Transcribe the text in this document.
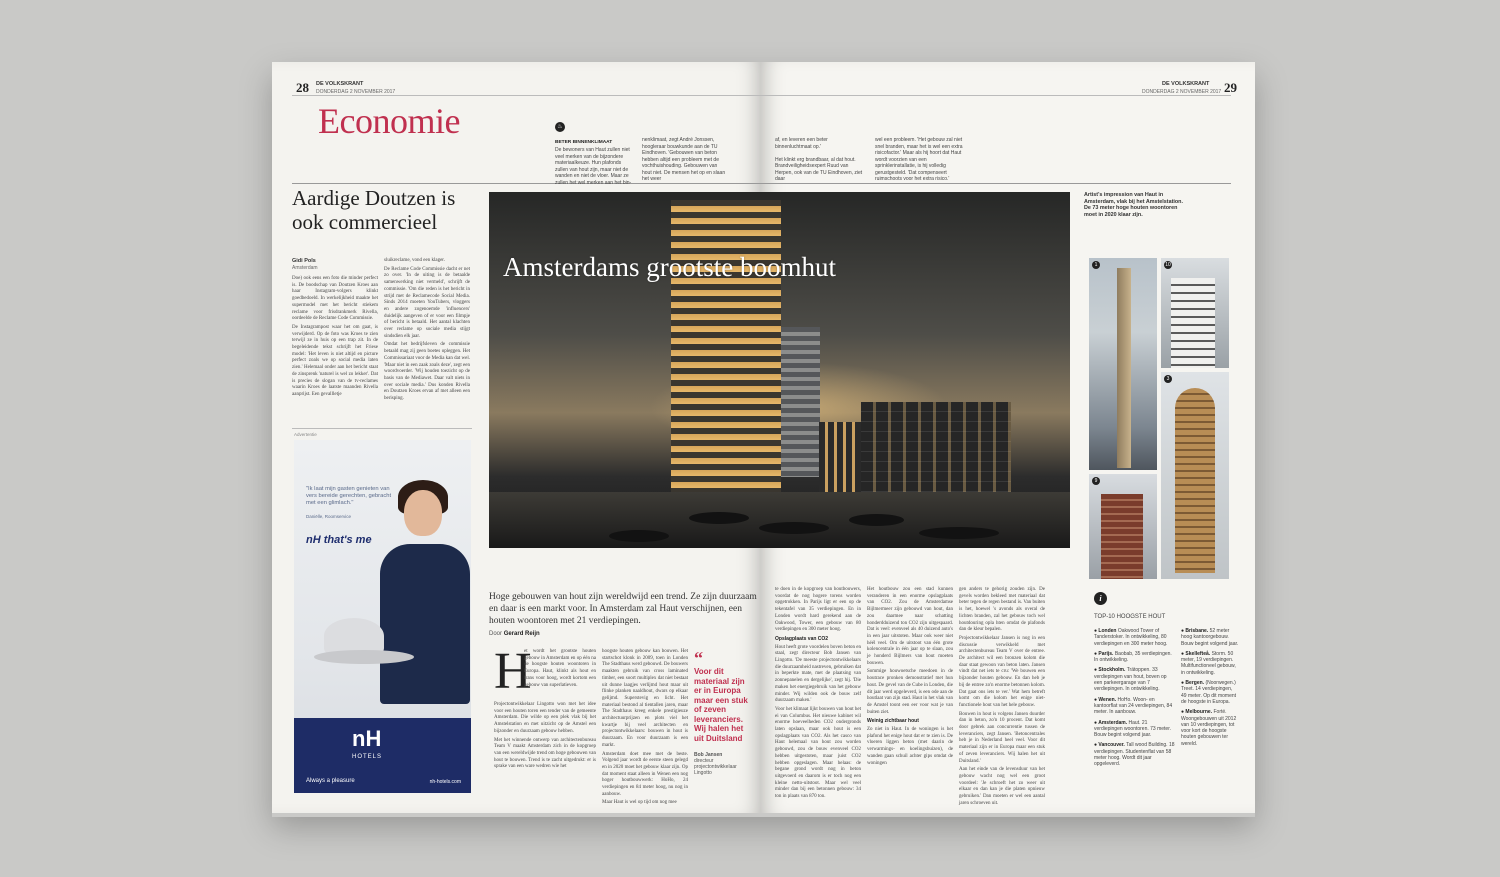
28 DE VOLKSKRANT
DONDERDAG 2 NOVEMBER 2017
Economie
Aardige Doutzen is ook commercieel
Gidi Pols
Amsterdam

Doe) ook eens een foto die minder perfect is. De boodschap van Doutzen Kroes aan haar Instagram-volgers klinkt goedbedoeld. In werkelijkheid maakte het supermodel met het bericht stiekem reclame voor frisdrankmerk Rivella, oordeelde de Reclame Code Commissie.

De Instagrampost waar het om gaat, is verwijderd. Op de foto was Kroes te zien terwijl ze in huis op een trap zit. In de begeleidende tekst schrijft het Friese model: 'Het leven is niet altijd en picture perfect zoals we op social media laten zien.' Helemaal onder aan het bericht staat de zinsprenk 'naturel is wel zo lekker'. Dat is precies de slogan van de tv-reclames waarin Kroes de laatste maanden Rivella aanprijst. Een gevallletje

sluikreclame, vond een klager.

De Reclame Code Commissie dacht er net zo over. 'In de uiting is de betaalde samenwerking niet vermeld', schrijft de commissie. 'Om die reden is het bericht in strijd met de Reclamecode Social Media. Sinds 2014 moeten YouTubers, vloggers en andere zogenoemde 'influencers' duidelijk aangeven of er voor een filmpje of bericht is betaald. Het aantal klachten over reclame op sociale media stijgt sindsdien elk jaar.

Omdat het bedrijfsleven de commissie betaald mag zij geen boetes opleggen. Het Commissariaat voor de Media kan dat wel. 'Maar niet in een zaak zoals deze', zegt een woordvoerder. 'Wij houden toezicht op de basis van de Mediawet. Daar valt niets in over sociale media.' Dus konden Rivella en Doutzen Kroes ervan af met alleen een berisping.

Advertentie
"Ik laat mijn gasten genieten van vers bereide gerechten, gebracht met een glimlach."
Daniëlle, Roomservice
nH that's me
nH
HOTELS
Always a pleasure	nh-hotels.com
Hoge gebouwen van hout zijn wereldwijd een trend. Ze zijn duurzaam en daar is een markt voor. In Amsterdam zal Haut verschijnen, een houten woontoren met 21 verdiepingen.
Door Gerard Reijn
H

et wordt het grootste houten gebouw in Amsterdam en op één na de hoogste houten woontoren in Europa. Haut, klinkt als hout en frans voor hoog, wordt kortom een gebouw van superlatieven.

Projectontwikkelaar Lingotto won met het idee voor een houten toren een tender van de gemeente Amsterdam. Die wilde op een plek vlak bij het Amstelstation en met uitzicht op de Amstel een bijzonder en duurzaam gebouw hebben.

Met het winnende ontwerp van architectenbureau Team V maakt Amsterdam zich in de kopgroep van een wereldwijde trend om hoge gebouwen van hout te bouwen. Trend is te zacht uitgedrukt: er is sprake van een ware wedren wie het

hoogste houten gebouw kan bouwen. Het startschot klonk in 2009, toen in Londen The Stadthaus werd gebouwd. De bouwers maakten gebruik van cross laminated timber, een soort multiplex dat niet bestaat uit dunne laagjes verlijmd hout maar uit flinke planken naaldhout, dwars op elkaar gelijmd. Superstevig en licht. Het materiaal bestond al tientallen jaren, maar The Stadthaus kreeg enkele prestigieuze architectuurprijzen en plots viel het kwartje bij veel architecten en projectontwikkelaars: bouwen in hout is duurzaam. En voor duurzaam is een markt.

Amsterdam doet mee met de beste. Volgend jaar wordt de eerste steen gelegd en in 2020 moet het gebouw klaar zijn. Op dat moment staat alleen in Wenen een nog hoger houtbouwwerk: HoHo, 24 verdiepingen en 84 meter hoog, nu nog in aanbouw.

Maar Haut is wel op tijd om nog mee

“
Voor dit materiaal zijn er in Europa maar een stuk of zeven leveranciers. Wij halen het uit Duitsland
Bob Jansen
directeur projectontwikkelaar Lingotto
♨
BETER BINNENKLIMAAT
De bewoners van Haut zullen niet veel merken van de bijzondere materiaalkeuze. Hun plafonds zullen van hout zijn, maar niet de wanden en niet de vloer. Maar ze zullen het wel merken aan het bin-
nenklimaat, zegt André Jonssen, hoogleraar bouwkunde aan de TU Eindhoven. 'Gebouwen van beton hebben altijd een probleem met de vochthuishouding. Gebouwen van hout niet. De mensen het op en slaan het weer
DE VOLKSKRANT
DONDERDAG 2 NOVEMBER 2017 29
af, en leveren een beter binnenluchtmaat op.'

Het klinkt erg brandbaar, al dat hout. Brandveiligheidsexpert Ruud van Herpen, ook van de TU Eindhoven, ziet daar
wel een probleem. 'Het gebouw zal niet snel branden, maar het is wel een extra risicofactor.' Maar als hij hoort dat Haut wordt voorzien van een sprinklerinstallatie, is hij volledig gerustgesteld. 'Dat compenseert ruimschoots voor het extra risico.'
Artist's impression van Haut in Amsterdam, vlak bij het Amstelstation. De 73 meter hoge houten woontoren moet in 2020 klaar zijn.
1	10
3
9

te doen in de kopgroep van houtbouwers, voordat de nog hogere torens worden opgetrokken. In Parijs ligt er een op de tekentafel van 35 verdiepingen. En in Londen wordt hard gerekend aan de Oakwood, Tower, een gebouw van 80 verdiepingen en 300 meter hoog.

Opslagplaats van CO2

Hout heeft grote voordelen boven beton en staal, zegt directeur Bob Jansen van Lingotto. 'De meeste projectontwikkelaars die duurzaamheid nastreven, gebruiken dat in beperkte mate, met de plaatsing van zonnepanelen en dergelijke', zegt hij. 'Die maken het energiegebruik van het gebouw minder. Wij wilden ook de bouw zelf duurzaam maken.'

Voor het klimaat lijkt bouwen van hout het ei van Columbus. Het nieuwe kabinet wil enorme hoeveelheden CO2 ondergronds laten opslaan, maar ook hout is een opslagplaats van CO2. Als het casco van Haut helemaal van hout zou worden gebouwd, zou de bouw evenveel CO2 hebben uitgestoten, maar juist CO2 hebben opgeslagen. Maar helaas: de begane grond wordt nog in beton uitgevoerd en daarom is er toch nog een kleine netto-uitstoot. Maar wel veel minder dan bij een betonnen gebouw: 34 ton in plaats van 870 ton.

Het houtbouw zou een stad kunnen veranderen in een enorme opslagplaats van CO2. Zou de Amsterdamse Bijlmermeer zijn gebouwd van hout, dan zou daarmee naar schatting honderdduizend ton CO2 zijn uitgespaard. Dat is veel: evenveel als 40 duizend auto's in een jaar uitstoten. Maar ook weer niet héél veel. Om de uitstoot van één grote kolencentrale in één jaar op te slaan, zou je honderd Bijlmers van hout moeten bouwen.

Sommige houwoetsche meedoen in de houtrace pronken demonstratief met hun hout. De gevel van de Cube in Londen, die dit jaar werd opgeleverd, is een ode aan de houtlaat van zijn stad. Haut in het vlak van de Amstel toont een eer voor wat je van buiten ziet.

Weinig zichtbaar hout

Zo niet in Haut. In de woningen is het plafond het enige hout dat er te zien is. De vloeren liggen beton (met daarin de verwarmings- en koelingsbuizen), de wanden gaan schuil achter gips omdat de woningen

gen anders te gehorig zouden zijn. De gevels worden bekleed met materiaal dat beter tegen de regen bestand is. Van buiten is het, hoewel 's avonds als overal de lichten branden, zal het gebouw toch wel houtdouring opla hten omdat de plafonds dan de kleur bepalen.

Projectontwikkelaar Jansen is nog in een discussie verwikkeld met architectenbureau Team V over de entree. De architect wil een bronzen kolom die daar staat gewoon van beton laten. Jansen vindt dat net iets te cru: 'We bouwen een bijzonder houten gebouw. En dan heb je bij de entree zo'n enorme betonnen kolom. Dat gaat ons iets te ver.' Wat hem betreft komt om die kolom het enige niet-functionele hout van het hele gebouw.

Bouwen in hout is volgens Jansen duurder dan in beton, zo'n 10 procent. Dat komt door gebrek aan concurrentie tussen de leveranciers, zegt Jansen. 'Betoncentrales heb je in Nederland heel veel. Voor dit materiaal zijn er in Europa maar een stuk of zeven leveranciers. Wij halen het uit Duitsland.'

Aan het einde van de levensduur van het gebouw wacht nog wel een groot voordeel: 'Je schroeft het zo weer uit elkaar en dan kan je die platen opnieuw gebruiken.' Dan moeten er wel een aantal jaren schroeven uit.

i
TOP-10 HOOGSTE HOUT

● Londen Oakwood Tower of Tanderstoker. In ontwikkeling, 80 verdiepingen en 300 meter hoog.

● Parijs. Baobab, 35 verdiepingen. In ontwikkeling.

● Stockholm. Trätoppen. 33 verdiepingen van hout, boven op een parkeergarage van 7 verdiepingen. In ontwikkeling.

● Wenen. HoHo. Woon- en kantoorflat van 24 verdiepingen, 84 meter. In aanbouw.

● Amsterdam. Haut. 21 verdiepingen woontoren. 73 meter. Bouw begint volgend jaar.

● Vancouver. Tall wood Building. 18 verdiepingen. Studentenflat van 58 meter hoog. Wordt dit jaar opgeleverd.

● Brisbane. 52 meter hoog kantoorgebouw. Bouw begint volgend jaar.

● Skellefteå. Storm. 50 meter, 19 verdiepingen. Multifunctioneel gebouw, in ontwikkeling.

● Bergen. (Noorwegen.) Treet. 14 verdiepingen, 49 meter. Op dit moment de hoogste in Europa.

● Melbourne. Forté. Woongebouwen uit 2012 van 10 verdiepingen, tot voor kort de hoogste houten gebouwen ter wereld.

Amsterdams grootste boomhut
